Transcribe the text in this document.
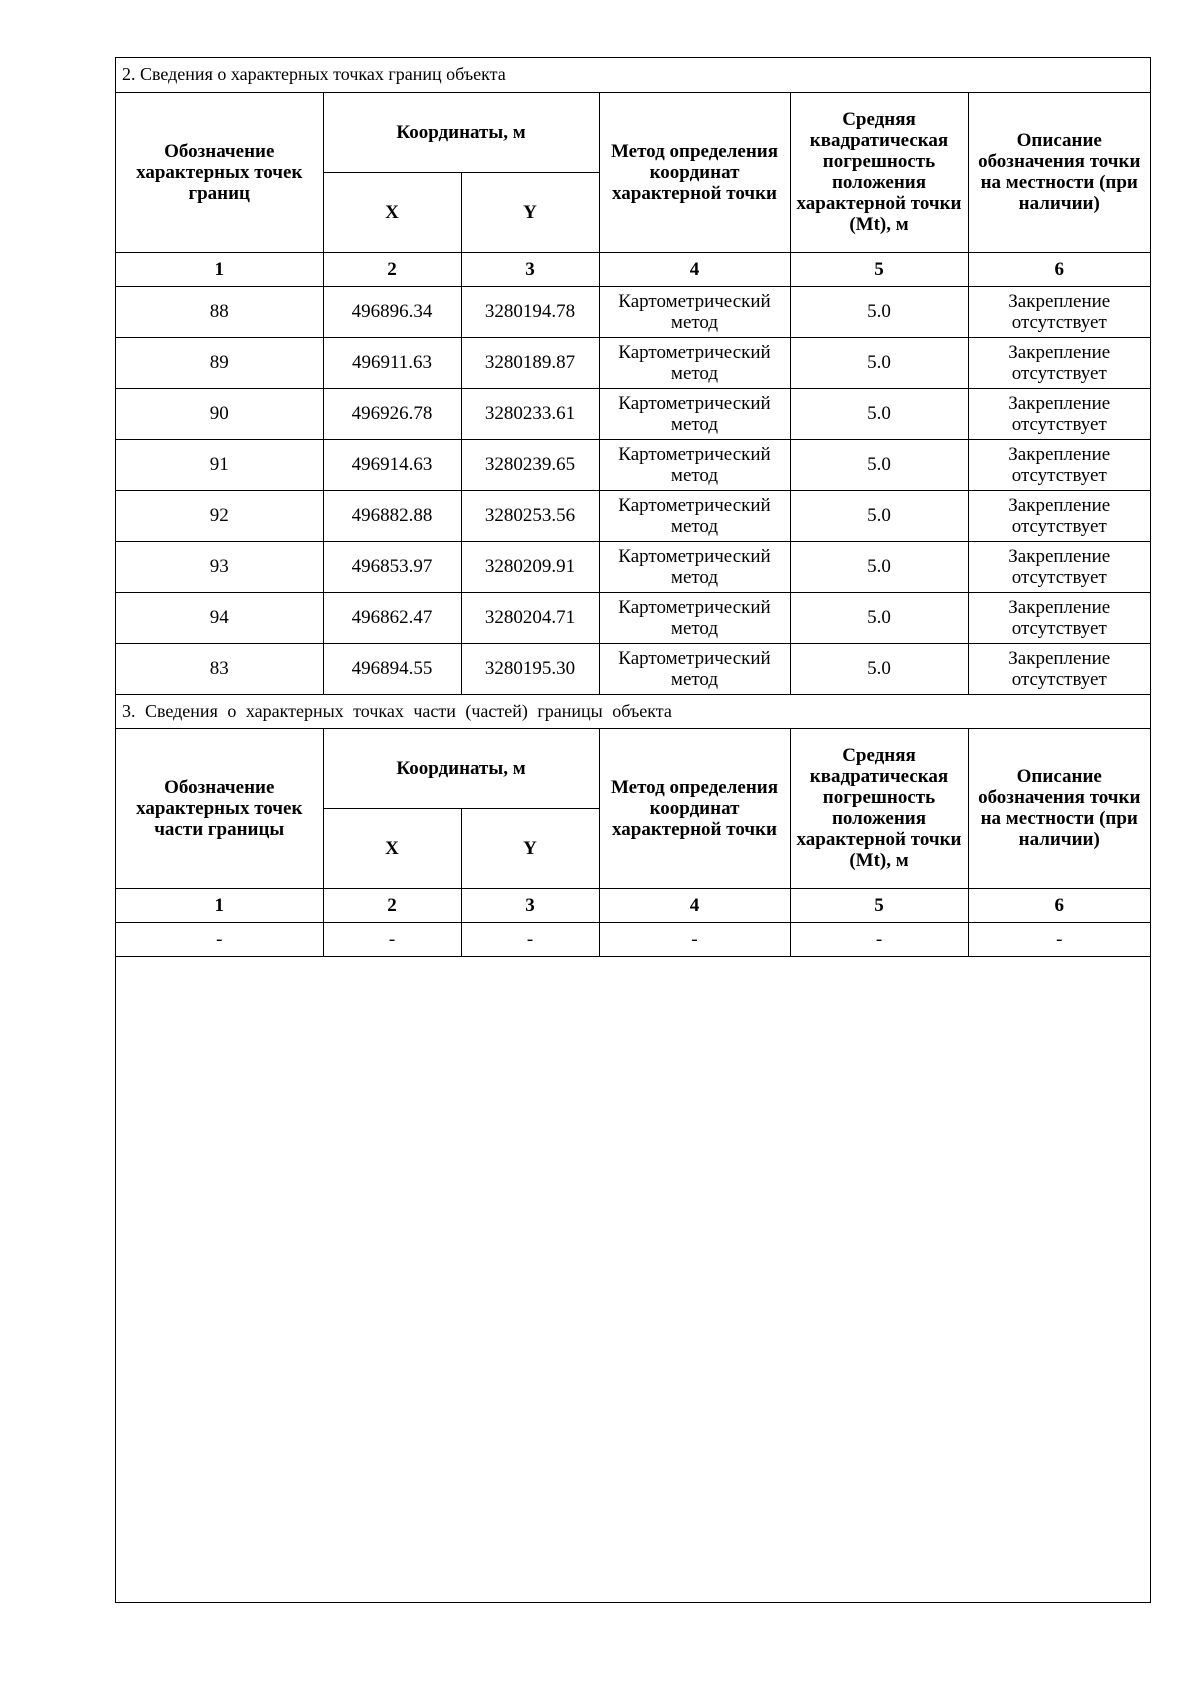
2. Сведения о характерных точках границ объекта					
Обозначение характерных точек границ	Координаты, м		Метод определения координат характерной точки	Средняя квадратическая погрешность положения характерной точки (Mt), м	Описание обозначения точки на местности (при наличии)
	X	Y			
1	2	3	4	5	6
88	496896.34	3280194.78	Картометрический метод	5.0	Закрепление отсутствует
89	496911.63	3280189.87	Картометрический метод	5.0	Закрепление отсутствует
90	496926.78	3280233.61	Картометрический метод	5.0	Закрепление отсутствует
91	496914.63	3280239.65	Картометрический метод	5.0	Закрепление отсутствует
92	496882.88	3280253.56	Картометрический метод	5.0	Закрепление отсутствует
93	496853.97	3280209.91	Картометрический метод	5.0	Закрепление отсутствует
94	496862.47	3280204.71	Картометрический метод	5.0	Закрепление отсутствует
83	496894.55	3280195.30	Картометрический метод	5.0	Закрепление отсутствует
3. Сведения о характерных точках части (частей) границы объекта					
Обозначение характерных точек части границы	Координаты, м		Метод определения координат характерной точки	Средняя квадратическая погрешность положения характерной точки (Mt), м	Описание обозначения точки на местности (при наличии)
	X	Y			
1	2	3	4	5	6
-	-	-	-	-	-
